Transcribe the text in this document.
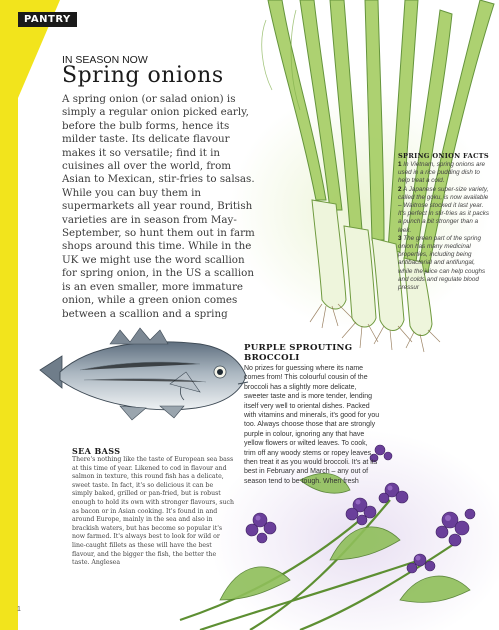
PANTRY
IN SEASON NOW
Spring onions
A spring onion (or salad onion) is simply a regular onion picked early, before the bulb forms, hence its milder taste. Its delicate flavour makes it so versatile; find it in cuisines all over the world, from Asian to Mexican, stir-fries to salsas. While you can buy them in supermarkets all year round, British varieties are in season from May-September, so hunt them out in farm shops around this time. While in the UK we might use the word scallion for spring onion, in the US a scallion is an even smaller, more immature onion, while a green onion comes between a scallion and a spring
SPRING ONION FACTS
1 In Vietnam, spring onions are used in a rice pudding dish to help treat a cold.
2 A Japanese super-size variety, called the goku, is now available – Waitrose stocked it last year. It's perfect in stir-fries as it packs a punch a bit stronger than a leek.
3 The green part of the spring onion has many medicinal properties, including being antibacterial and antifungal, while the juice can help coughs and colds and regulate blood pressur
PURPLE SPROUTING BROCCOLI
No prizes for guessing where its name comes from! This colourful cousin of the broccoli has a slightly more delicate, sweeter taste and is more tender, lending itself very well to oriental dishes. Packed with vitamins and minerals, it's good for you too. Always choose those that are strongly purple in colour, ignoring any that have yellow flowers or wilted leaves. To cook, trim off any woody stems or ropey leaves, then treat it as you would broccoli. It's at its best in February and March – any out of season tend to be tough. When fresh
SEA BASS
There's nothing like the taste of European sea bass at this time of year. Likened to cod in flavour and salmon in texture, this round fish has a delicate, sweet taste. In fact, it's so delicious it can be simply baked, grilled or pan-fried, but is robust enough to hold its own with stronger flavours, such as bacon or in Asian cooking. It's found in and around Europe, mainly in the sea and also in brackish waters, but has become so popular it's now farmed. It's always best to look for wild or line-caught fillets as these will have the best flavour, and the bigger the fish, the better the taste. Anglesea
1
